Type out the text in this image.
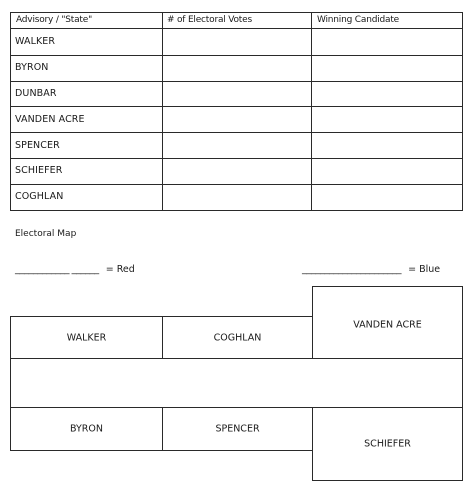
Advisory / "State"	# of Electoral Votes	Winning Candidate
WALKER
BYRON
DUNBAR
VANDEN ACRE
SPENCER
SCHIEFER
COGHLAN
Electoral Map
____________ ______ = Red	______________________ = Blue
WALKER	COGHLAN
VANDEN ACRE
BYRON	SPENCER
SCHIEFER
